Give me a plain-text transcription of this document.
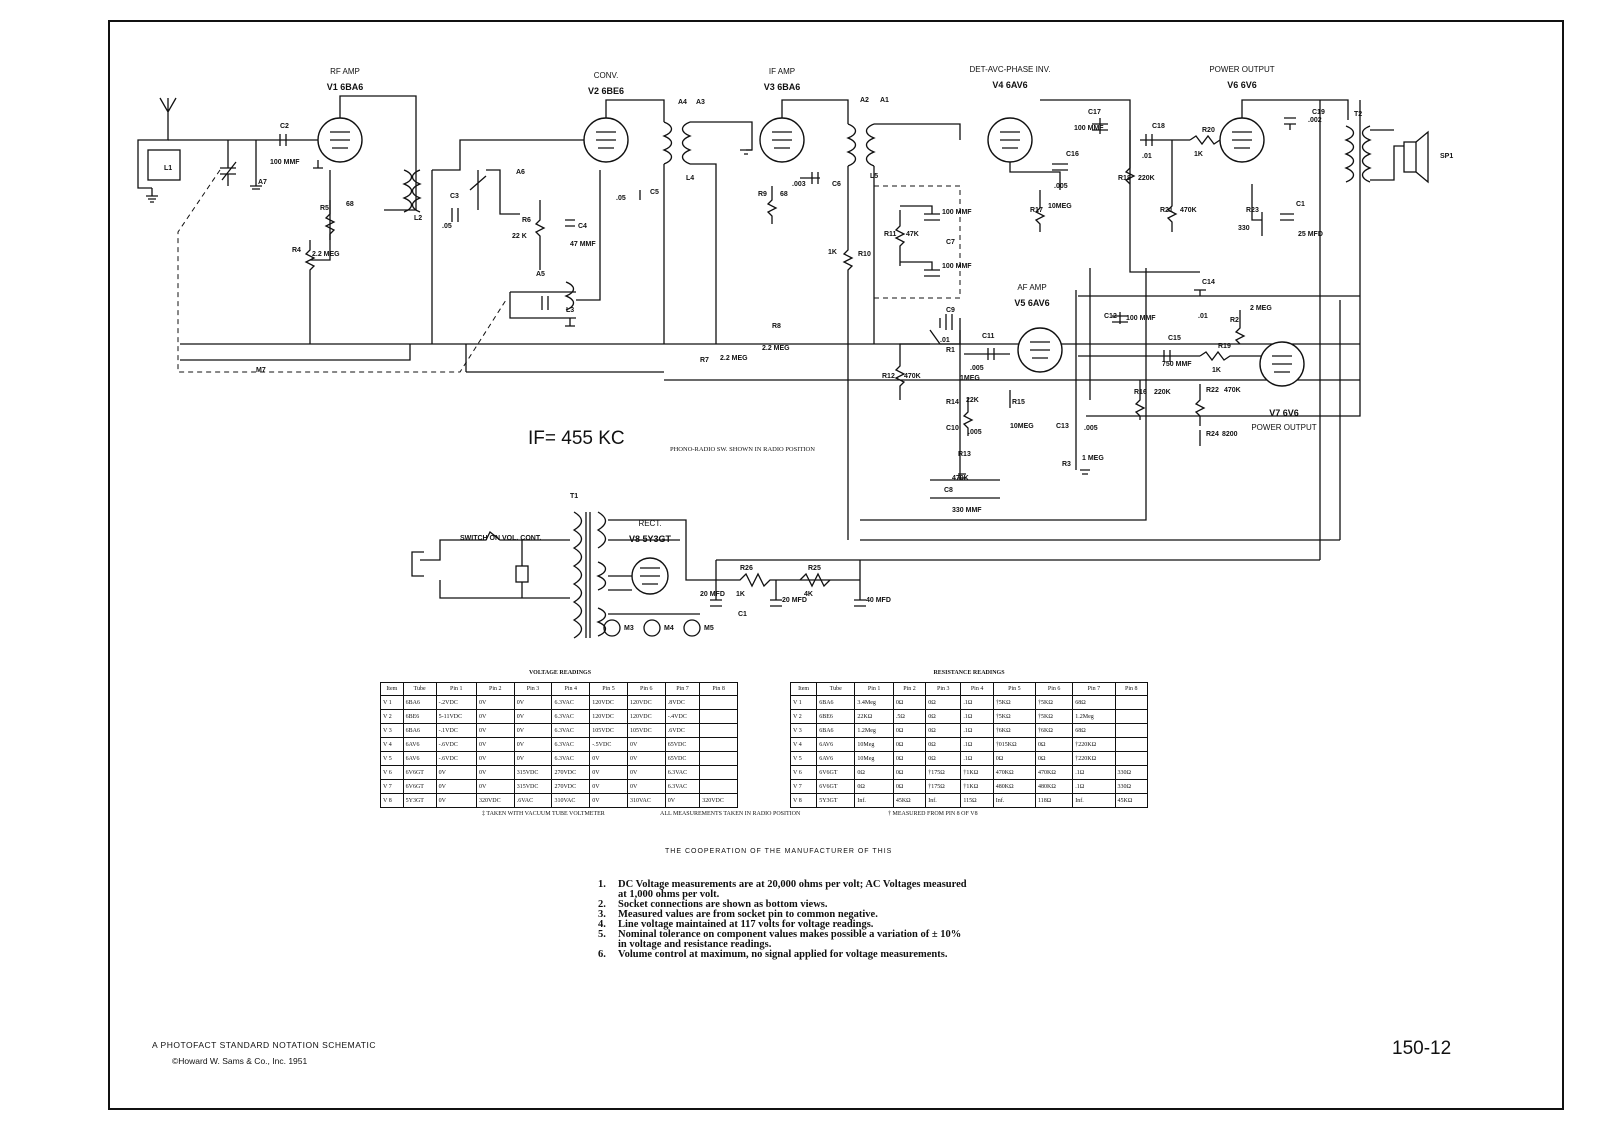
RF AMP
V1 6BA6
CONV.
V2 6BE6
IF AMP
V3 6BA6
DET-AVC-PHASE INV.
V4 6AV6
POWER OUTPUT
V6 6V6
AF AMP
V5 6AV6
V7 6V6
POWER OUTPUT
RECT.
V8 5Y3GT
L1
L2
L3
L4	L5
C2
100 MMF
A7
A6
A5
A4 A3	A2 A1
R5
68
R4
2.2 MEG
C3
.05
R6
22 K
C4
47 MMF
C5
.05
R9 68
C6
.003
R10
1K
R11 47K
C7
100 MMF
100 MMF
C17
100 MMF
C16
.005
R17
10MEG
C18
.01
R18 220K
R20
1K
R21 470K
C19
.002
T2
SP1
R23
330
C1
25 MFD
M7
R8
2.2 MEG
R7 2.2 MEG
R12 470K
C9
.01
R1
1MEG
C11
.005
R14 22K
C10
.005
R15
10MEG	C13 .005
R3
1 MEG
R13
470K
C8
330 MMF
C12 100 MMF
C14
.01
R2
2 MEG
C15
750 MMF
R16 220K
R19
1K
R22 470K
R24 8200
T1
SWITCH ON VOL. CONT.
R26
1K
R25
4K
20 MFD
20 MFD	40 MFD
C1
M3	M4	M5
IF= 455 KC
PHONO-RADIO SW. SHOWN IN RADIO POSITION
VOLTAGE READINGS
Item	Tube	Pin 1	Pin 2	Pin 3	Pin 4	Pin 5	Pin 6	Pin 7	Pin 8
V 1	6BA6	-.2VDC	0V	0V	6.3VAC	120VDC	120VDC	.8VDC	
V 2	6BE6	5-11VDC	0V	0V	6.3VAC	120VDC	120VDC	-.4VDC	
V 3	6BA6	-.1VDC	0V	0V	6.3VAC	105VDC	105VDC	.6VDC	
V 4	6AV6	-.6VDC	0V	0V	6.3VAC	-.5VDC	0V	65VDC	
V 5	6AV6	-.6VDC	0V	0V	6.3VAC	0V	0V	65VDC	
V 6	6V6GT	0V	0V	315VDC	270VDC	0V	0V	6.3VAC	
V 7	6V6GT	0V	0V	315VDC	270VDC	0V	0V	6.3VAC	
V 8	5Y3GT	0V	320VDC	.6VAC	310VAC	0V	310VAC	0V	320VDC
‡ TAKEN WITH VACUUM TUBE VOLTMETER	ALL MEASUREMENTS TAKEN IN RADIO POSITION
RESISTANCE READINGS
Item	Tube	Pin 1	Pin 2	Pin 3	Pin 4	Pin 5	Pin 6	Pin 7	Pin 8
V 1	6BA6	3.4Meg	0Ω	0Ω	.1Ω	†5KΩ	†5KΩ	68Ω	
V 2	6BE6	22KΩ	.5Ω	0Ω	.1Ω	†5KΩ	†5KΩ	1.2Meg	
V 3	6BA6	1.2Meg	0Ω	0Ω	.1Ω	†6KΩ	†6KΩ	68Ω	
V 4	6AV6	10Meg	0Ω	0Ω	.1Ω	†015KΩ	0Ω	†220KΩ	
V 5	6AV6	10Meg	0Ω	0Ω	.1Ω	0Ω	0Ω	†220KΩ	
V 6	6V6GT	0Ω	0Ω	†175Ω	†1KΩ	470KΩ	470KΩ	.1Ω	330Ω
V 7	6V6GT	0Ω	0Ω	†175Ω	†1KΩ	480KΩ	480KΩ	.1Ω	330Ω
V 8	5Y3GT	Inf.	45KΩ	Inf.	115Ω	Inf.	118Ω	Inf.	45KΩ
† MEASURED FROM PIN 8 OF V8
THE COOPERATION OF THE MANUFACTURER OF THIS
1. DC Voltage measurements are at 20,000 ohms per volt; AC Voltages measured at 1,000 ohms per volt.
2. Socket connections are shown as bottom views.
3. Measured values are from socket pin to common negative.
4. Line voltage maintained at 117 volts for voltage readings.
5. Nominal tolerance on component values makes possible a variation of ± 10% in voltage and resistance readings.
6. Volume control at maximum, no signal applied for voltage measurements.
A PHOTOFACT STANDARD NOTATION SCHEMATIC
©Howard W. Sams & Co., Inc. 1951
150-12
